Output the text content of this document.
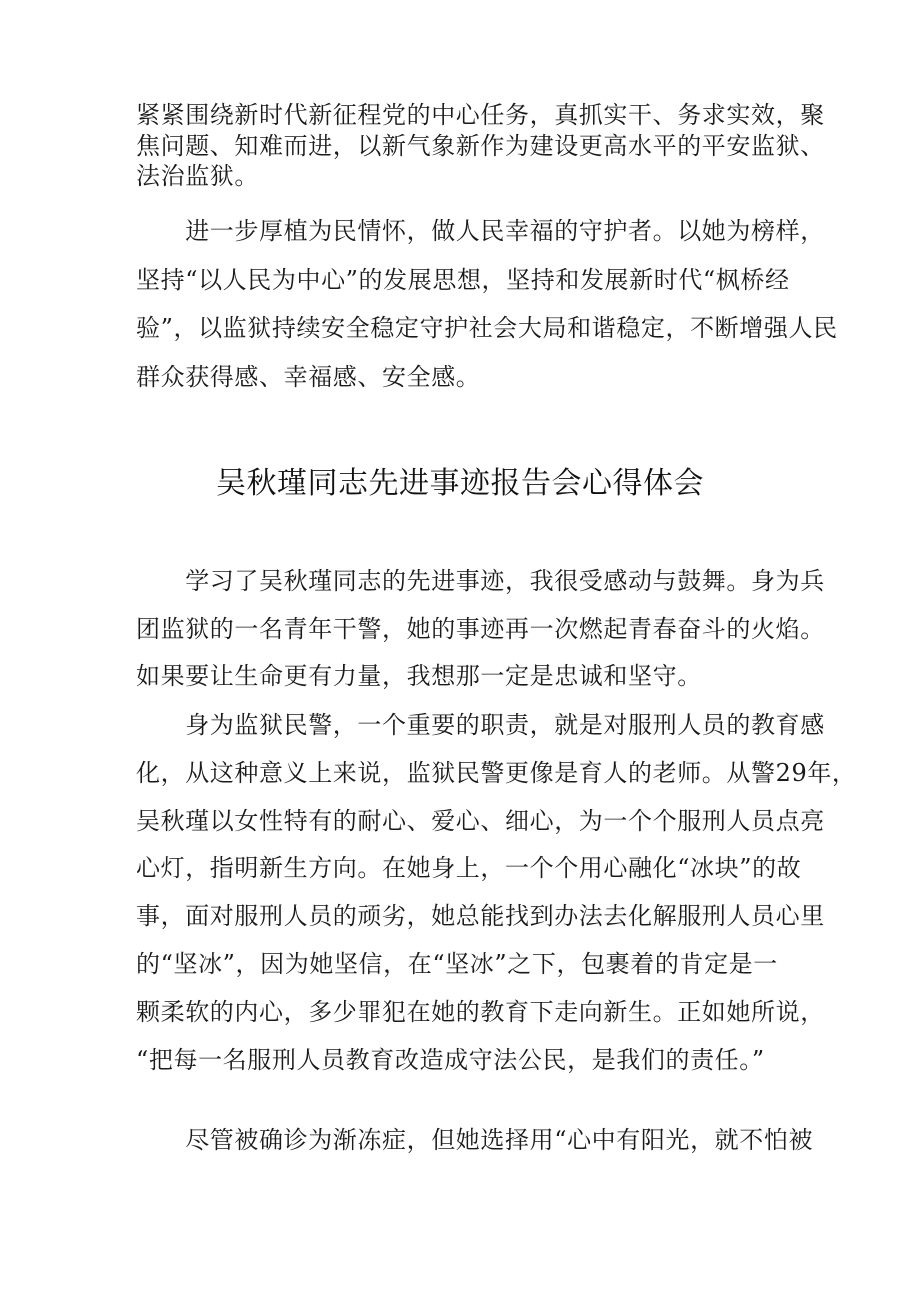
紧紧围绕新时代新征程党的中心任务，真抓实干、务求实效，聚
焦问题、知难而进，以新气象新作为建设更高水平的平安监狱、
法治监狱。

　　进一步厚植为民情怀，做人民幸福的守护者。以她为榜样，
坚持“以人民为中心”的发展思想，坚持和发展新时代“枫桥经
验”，以监狱持续安全稳定守护社会大局和谐稳定，不断增强人民
群众获得感、幸福感、安全感。

吴秋瑾同志先进事迹报告会心得体会

　　学习了吴秋瑾同志的先进事迹，我很受感动与鼓舞。身为兵
团监狱的一名青年干警，她的事迹再一次燃起青春奋斗的火焰。
如果要让生命更有力量，我想那一定是忠诚和坚守。

　　身为监狱民警，一个重要的职责，就是对服刑人员的教育感
化，从这种意义上来说，监狱民警更像是育人的老师。从警29年，
吴秋瑾以女性特有的耐心、爱心、细心，为一个个服刑人员点亮
心灯，指明新生方向。在她身上，一个个用心融化“冰块”的故
事，面对服刑人员的顽劣，她总能找到办法去化解服刑人员心里
的“坚冰”，因为她坚信，在“坚冰”之下，包裹着的肯定是一
颗柔软的内心，多少罪犯在她的教育下走向新生。正如她所说，
“把每一名服刑人员教育改造成守法公民，是我们的责任。”

　　尽管被确诊为渐冻症，但她选择用“心中有阳光，就不怕被
